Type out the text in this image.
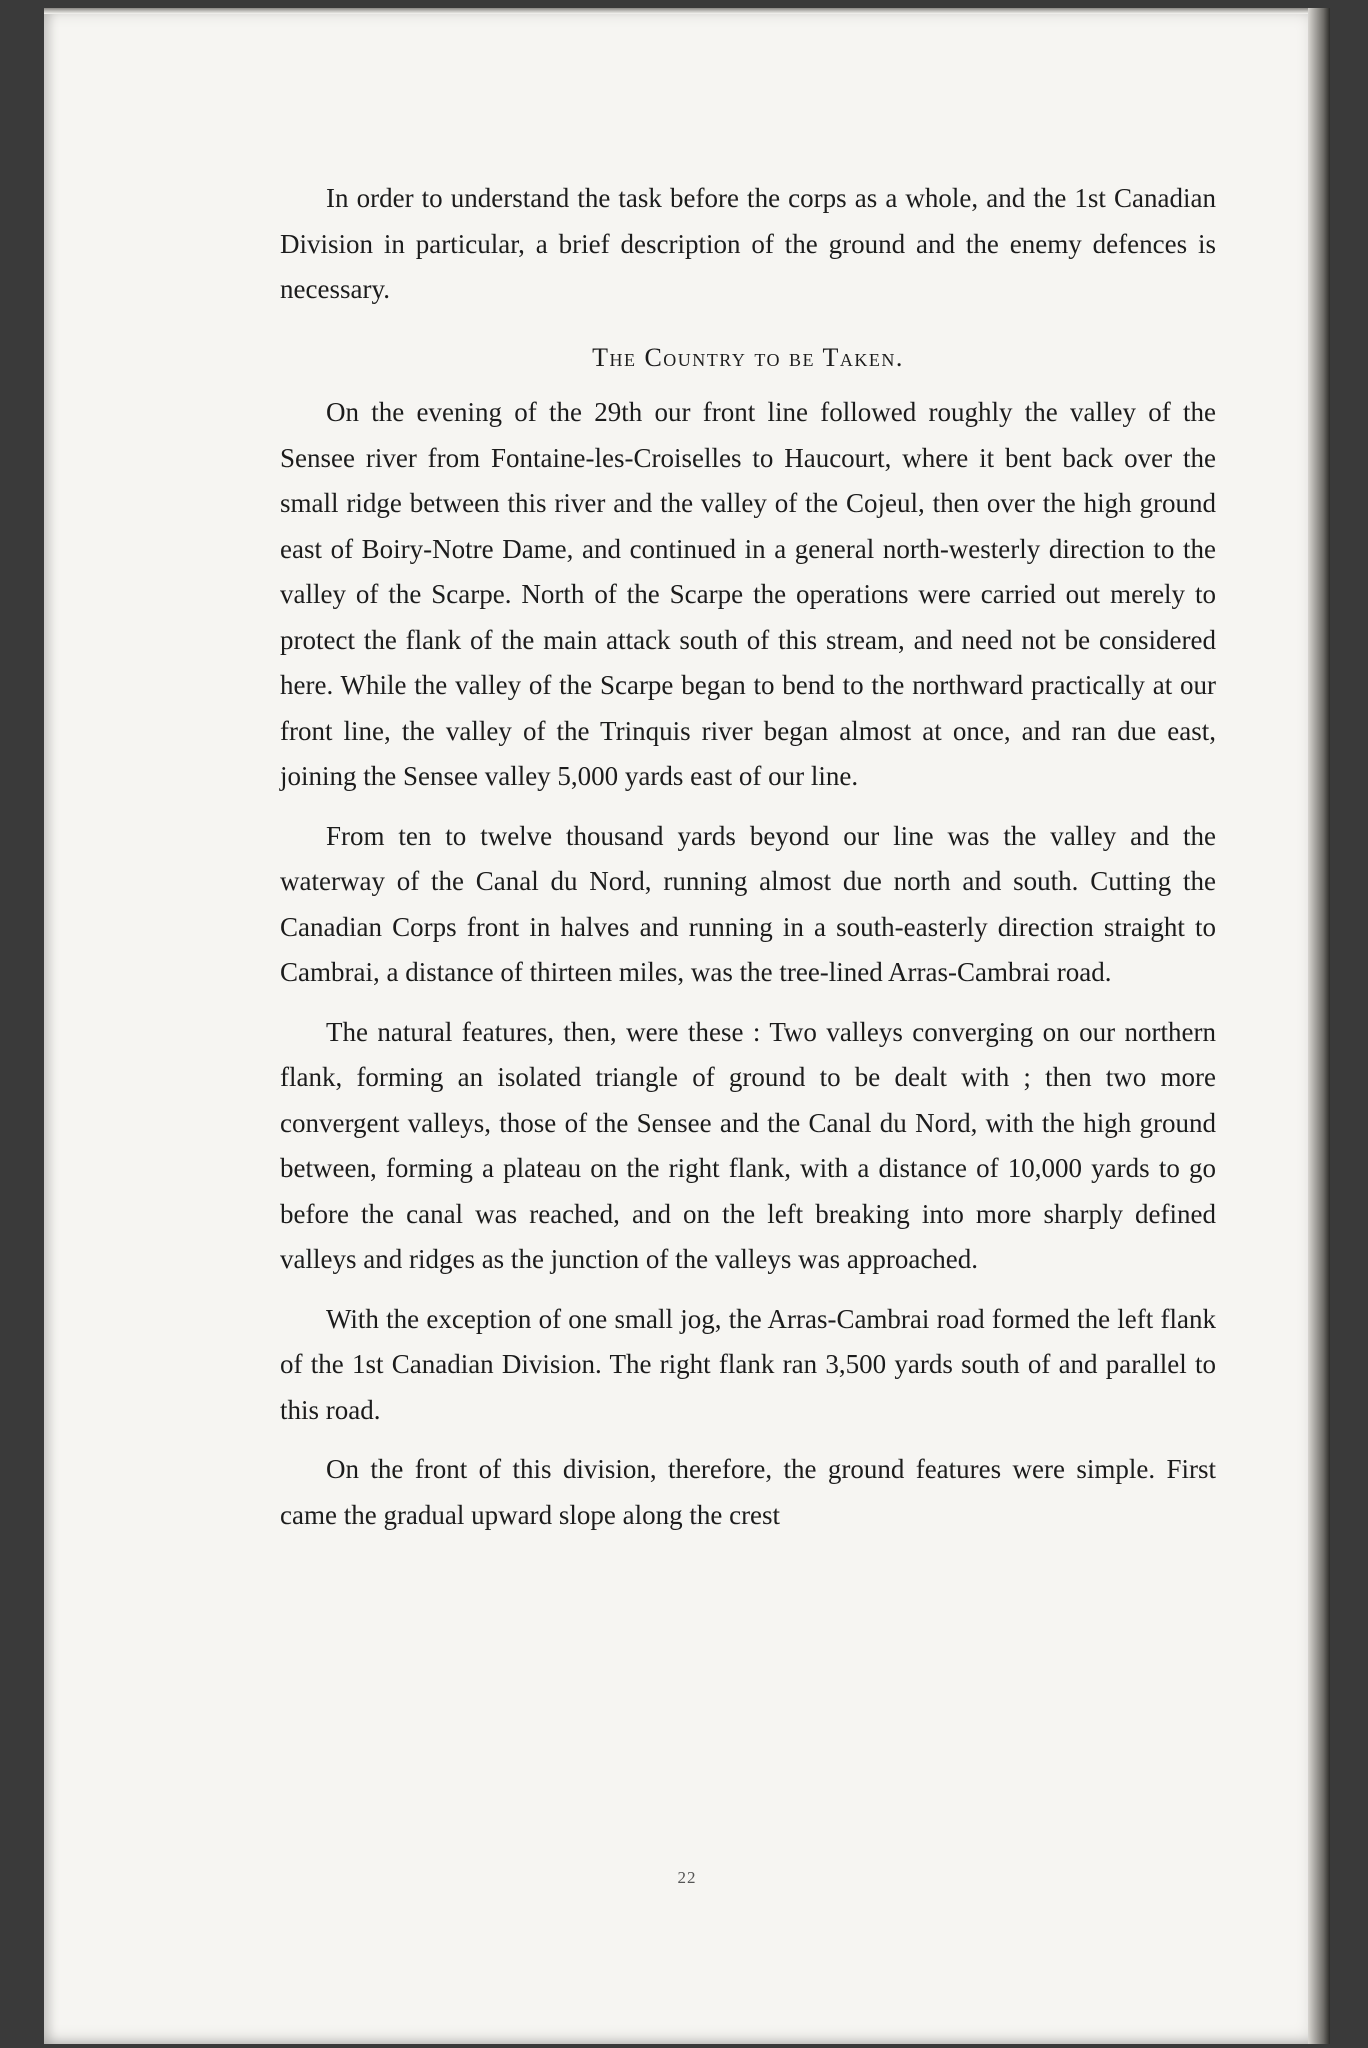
In order to understand the task before the corps as a whole, and the 1st Canadian Division in particular, a brief description of the ground and the enemy defences is necessary.

The Country to be Taken.

On the evening of the 29th our front line followed roughly the valley of the Sensee river from Fontaine-les-Croiselles to Haucourt, where it bent back over the small ridge between this river and the valley of the Cojeul, then over the high ground east of Boiry-Notre Dame, and continued in a general north-westerly direction to the valley of the Scarpe. North of the Scarpe the operations were carried out merely to protect the flank of the main attack south of this stream, and need not be considered here. While the valley of the Scarpe began to bend to the northward practically at our front line, the valley of the Trinquis river began almost at once, and ran due east, joining the Sensee valley 5,000 yards east of our line.

From ten to twelve thousand yards beyond our line was the valley and the waterway of the Canal du Nord, running almost due north and south. Cutting the Canadian Corps front in halves and running in a south-easterly direction straight to Cambrai, a distance of thirteen miles, was the tree-lined Arras-Cambrai road.

The natural features, then, were these : Two valleys converging on our northern flank, forming an isolated triangle of ground to be dealt with ; then two more convergent valleys, those of the Sensee and the Canal du Nord, with the high ground between, forming a plateau on the right flank, with a distance of 10,000 yards to go before the canal was reached, and on the left breaking into more sharply defined valleys and ridges as the junction of the valleys was approached.

With the exception of one small jog, the Arras-Cambrai road formed the left flank of the 1st Canadian Division. The right flank ran 3,500 yards south of and parallel to this road.

On the front of this division, therefore, the ground features were simple. First came the gradual upward slope along the crest

22
